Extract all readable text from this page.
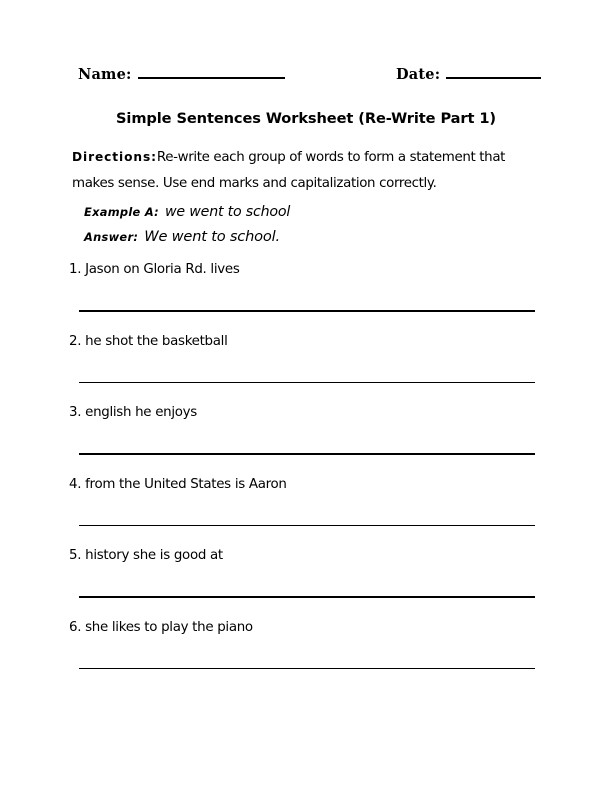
Name:	Date:
Simple Sentences Worksheet (Re-Write Part 1)
Directions:Re-write each group of words to form a statement that makes sense. Use end marks and capitalization correctly.
Example A: we went to school
Answer: We went to school.
1. Jason on Gloria Rd. lives
2. he shot the basketball
3. english he enjoys
4. from the United States is Aaron
5. history she is good at
6. she likes to play the piano
